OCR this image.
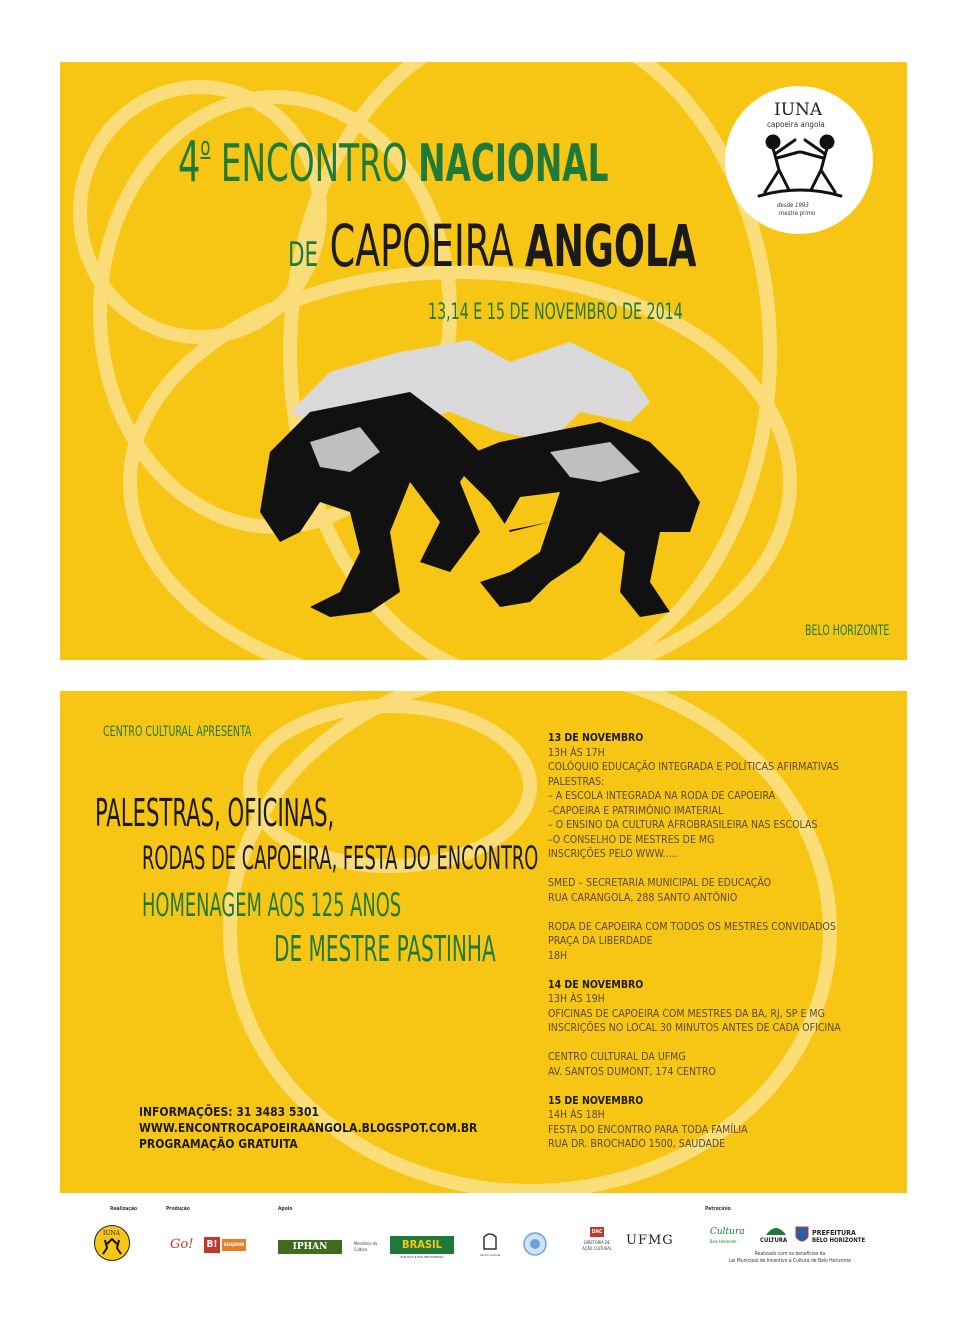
4$^o$ ENCONTRO NACIONAL
DE CAPOEIRA ANGOLA
13,14 E 15 DE NOVEMBRO DE 2014
IUNA
capoeira angola
desde 1993
mestre primo
BELO HORIZONTE
CENTRO CULTURAL APRESENTA
PALESTRAS, OFICINAS,
RODAS DE CAPOEIRA, FESTA DO ENCONTRO
HOMENAGEM AOS 125 ANOS
DE MESTRE PASTINHA
INFORMAÇÕES: 31 3483 5301
WWW.ENCONTROCAPOEIRAANGOLA.BLOGSPOT.COM.BR
PROGRAMAÇÃO GRATUITA
13 DE NOVEMBRO
13H ÀS 17H
COLÓQUIO EDUCAÇÃO INTEGRADA E POLÍTICAS AFIRMATIVAS
PALESTRAS:
– A ESCOLA INTEGRADA NA RODA DE CAPOEIRA
–CAPOEIRA E PATRIMÔNIO IMATERIAL
– O ENSINO DA CULTURA AFROBRASILEIRA NAS ESCOLAS
–O CONSELHO DE MESTRES DE MG
INSCRIÇÕES PELO WWW.....
SMED – SECRETARIA MUNICIPAL DE EDUCAÇÃO
RUA CARANGOLA, 288 SANTO ANTÔNIO
RODA DE CAPOEIRA COM TODOS OS MESTRES CONVIDADOS
PRAÇA DA LIBERDADE
18H
14 DE NOVEMBRO
13H ÀS 19H
OFICINAS DE CAPOEIRA COM MESTRES DA BA, RJ, SP E MG
INSCRIÇÕES NO LOCAL 30 MINUTOS ANTES DE CADA OFICINA
CENTRO CULTURAL DA UFMG
AV. SANTOS DUMONT, 174 CENTRO
15 DE NOVEMBRO
14H ÀS 18H
FESTA DO ENCONTRO PARA TODA FAMÍLIA
RUA DR. BROCHADO 1500, SAUDADE
Realização	Produção	Apoio	Patrocínio
IUNA
Go! B!	BENJAMIN	IPHAN	Ministério da Cultura	BRASIL
PAÍS RICO É PAÍS SEM POBREZA	Centro Cultural
DAC
DIRETORIA DE
AÇÃO CULTURAL
UFMG
Cultura
Belo Horizonte	CULTURA
PREFEITURA
BELO HORIZONTE
Realizado com os benefícios da
Lei Municipal de Incentivo à Cultura de Belo Horizonte
